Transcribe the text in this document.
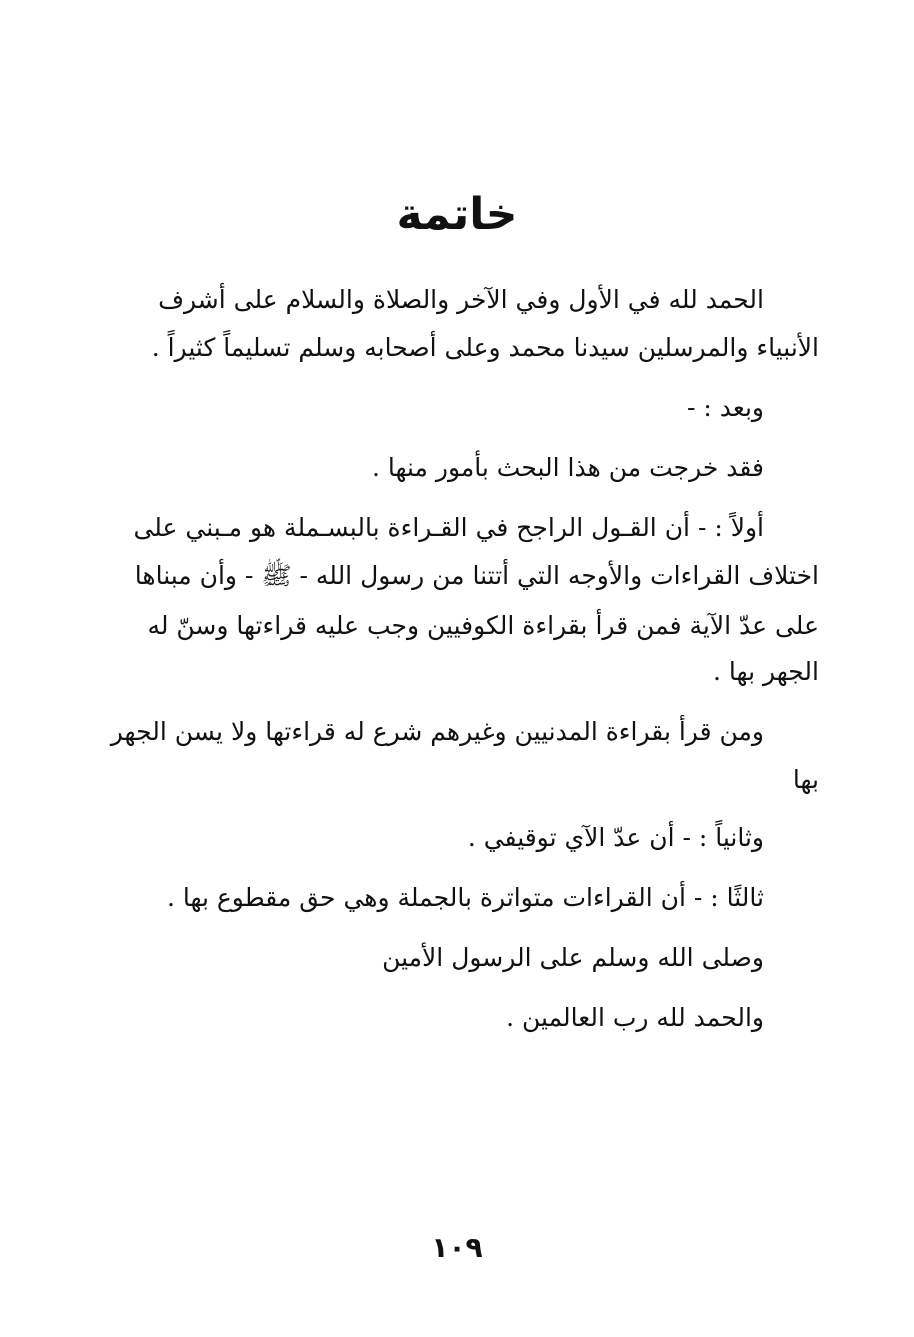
خاتمة
الحمد لله في الأول وفي الآخر والصلاة والسلام على أشرف
الأنبياء والمرسلين سيدنا محمد وعلى أصحابه وسلم تسليماً كثيراً .
وبعد : -
فقد خرجت من هذا البحث بأمور منها .
أولاً : - أن القـول الراجح في القـراءة بالبسـملة هو مـبني على
اختلاف القراءات والأوجه التي أتتنا من رسول الله - ﷺ - وأن مبناها
على عدّ الآية فمن قرأ بقراءة الكوفيين وجب عليه قراءتها وسنّ له
الجهر بها .
ومن قرأ بقراءة المدنيين وغيرهم شرع له قراءتها ولا يسن الجهر
بها
وثانياً : - أن عدّ الآي توقيفي .
ثالثًا : - أن القراءات متواترة بالجملة وهي حق مقطوع بها .
وصلى الله وسلم على الرسول الأمين
والحمد لله رب العالمين .
١٠٩
